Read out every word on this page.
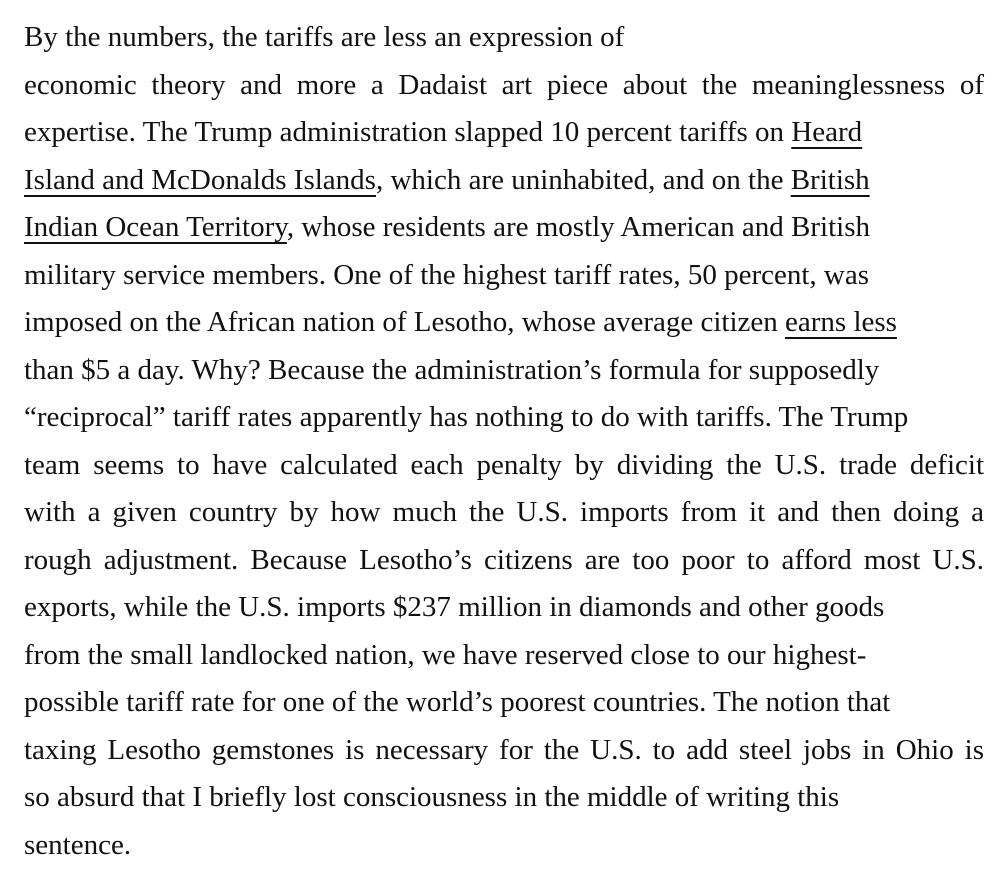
By the numbers, the tariffs are less an expression of
economic theory and more a Dadaist art piece about the meaninglessness of
expertise. The Trump administration slapped 10 percent tariffs on Heard
Island and McDonalds Islands, which are uninhabited, and on the British
Indian Ocean Territory, whose residents are mostly American and British
military service members. One of the highest tariff rates, 50 percent, was
imposed on the African nation of Lesotho, whose average citizen earns less
than $5 a day. Why? Because the administration’s formula for supposedly
“reciprocal” tariff rates apparently has nothing to do with tariffs. The Trump
team seems to have calculated each penalty by dividing the U.S. trade deficit
with a given country by how much the U.S. imports from it and then doing a
rough adjustment. Because Lesotho’s citizens are too poor to afford most U.S.
exports, while the U.S. imports $237 million in diamonds and other goods
from the small landlocked nation, we have reserved close to our highest-
possible tariff rate for one of the world’s poorest countries. The notion that
taxing Lesotho gemstones is necessary for the U.S. to add steel jobs in Ohio is
so absurd that I briefly lost consciousness in the middle of writing this
sentence.
